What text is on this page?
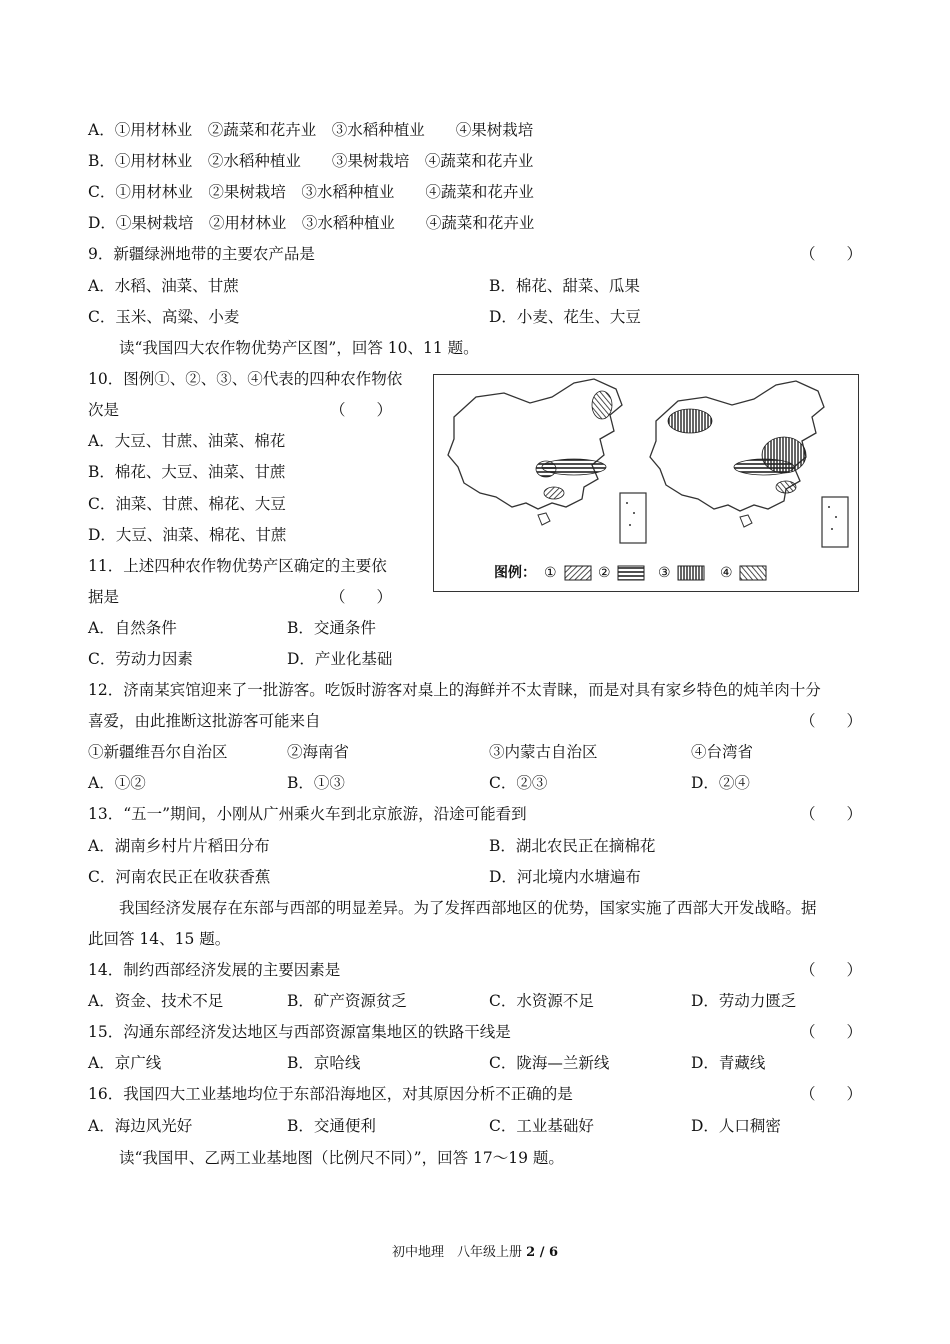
A．①用材林业　②蔬菜和花卉业　③水稻种植业　　④果树栽培
B．①用材林业　②水稻种植业　　③果树栽培　④蔬菜和花卉业
C．①用材林业　②果树栽培　③水稻种植业　　④蔬菜和花卉业
D．①果树栽培　②用材林业　③水稻种植业　　④蔬菜和花卉业
9．新疆绿洲地带的主要农产品是	（　　）
A．水稻、油菜、甘蔗	B．棉花、甜菜、瓜果
C．玉米、高粱、小麦	D．小麦、花生、大豆
读“我国四大农作物优势产区图”，回答 10、11 题。
10．图例①、②、③、④代表的四种农作物依
次是	（　　）
A．大豆、甘蔗、油菜、棉花
B．棉花、大豆、油菜、甘蔗
C．油菜、甘蔗、棉花、大豆
D．大豆、油菜、棉花、甘蔗
11．上述四种农作物优势产区确定的主要依
据是	（　　）
A．自然条件	B．交通条件
C．劳动力因素	D．产业化基础
图例： ①	②	③	④
12．济南某宾馆迎来了一批游客。吃饭时游客对桌上的海鲜并不太青睐，而是对具有家乡特色的炖羊肉十分
喜爱，由此推断这批游客可能来自	（　　）
①新疆维吾尔自治区	②海南省	③内蒙古自治区	④台湾省
A．①②	B．①③	C．②③	D．②④
13．“五一”期间，小刚从广州乘火车到北京旅游，沿途可能看到	（　　）
A．湖南乡村片片稻田分布	B．湖北农民正在摘棉花
C．河南农民正在收获香蕉	D．河北境内水塘遍布
我国经济发展存在东部与西部的明显差异。为了发挥西部地区的优势，国家实施了西部大开发战略。据
此回答 14、15 题。
14．制约西部经济发展的主要因素是	（　　）
A．资金、技术不足	B．矿产资源贫乏	C．水资源不足	D．劳动力匮乏
15．沟通东部经济发达地区与西部资源富集地区的铁路干线是	（　　）
A．京广线	B．京哈线	C．陇海—兰新线	D．青藏线
16．我国四大工业基地均位于东部沿海地区，对其原因分析不正确的是	（　　）
A．海边风光好	B．交通便利	C．工业基础好	D．人口稠密
读“我国甲、乙两工业基地图（比例尺不同）”，回答 17～19 题。
初中地理　八年级上册 2 / 6
